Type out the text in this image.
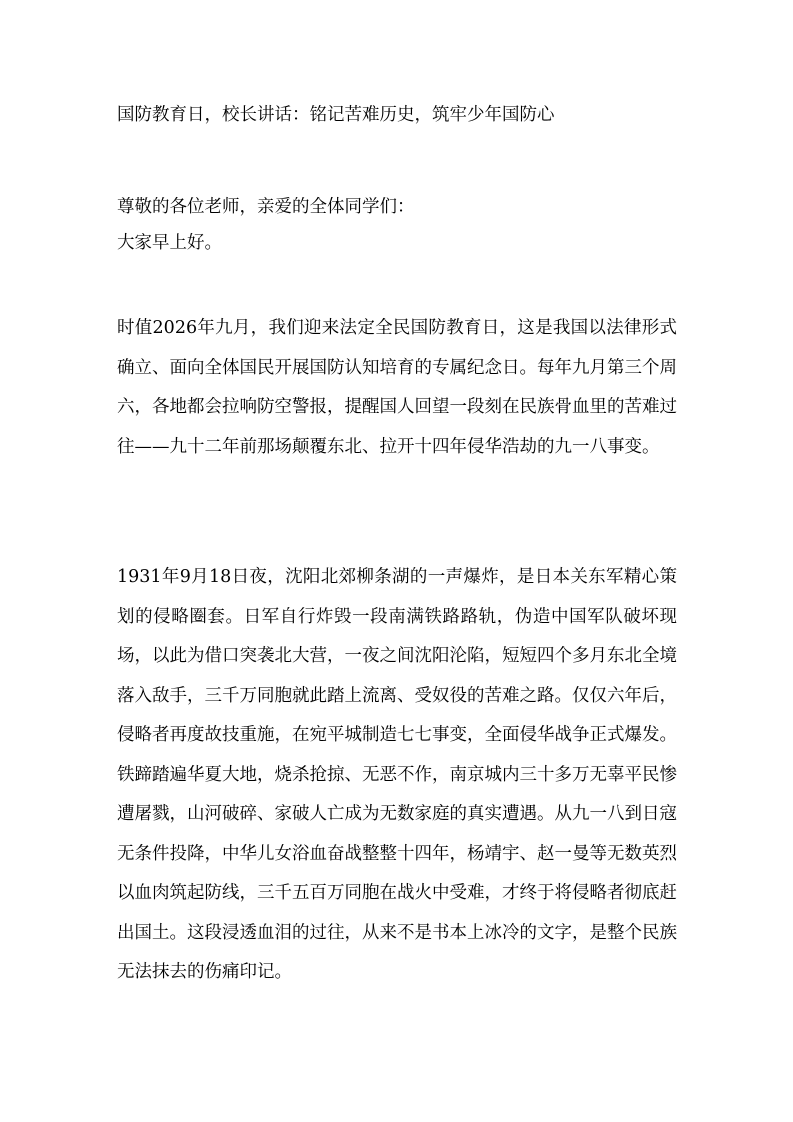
国防教育日，校长讲话：铭记苦难历史，筑牢少年国防心

尊敬的各位老师，亲爱的全体同学们：

大家早上好。

时值2026年九月，我们迎来法定全民国防教育日，这是我国以法律形式确立、面向全体国民开展国防认知培育的专属纪念日。每年九月第三个周六，各地都会拉响防空警报，提醒国人回望一段刻在民族骨血里的苦难过往——九十二年前那场颠覆东北、拉开十四年侵华浩劫的九一八事变。

1931年9月18日夜，沈阳北郊柳条湖的一声爆炸，是日本关东军精心策划的侵略圈套。日军自行炸毁一段南满铁路路轨，伪造中国军队破坏现场，以此为借口突袭北大营，一夜之间沈阳沦陷，短短四个多月东北全境落入敌手，三千万同胞就此踏上流离、受奴役的苦难之路。仅仅六年后，侵略者再度故技重施，在宛平城制造七七事变，全面侵华战争正式爆发。铁蹄踏遍华夏大地，烧杀抢掠、无恶不作，南京城内三十多万无辜平民惨遭屠戮，山河破碎、家破人亡成为无数家庭的真实遭遇。从九一八到日寇无条件投降，中华儿女浴血奋战整整十四年，杨靖宇、赵一曼等无数英烈以血肉筑起防线，三千五百万同胞在战火中受难，才终于将侵略者彻底赶出国土。这段浸透血泪的过往，从来不是书本上冰冷的文字，是整个民族无法抹去的伤痛印记。
